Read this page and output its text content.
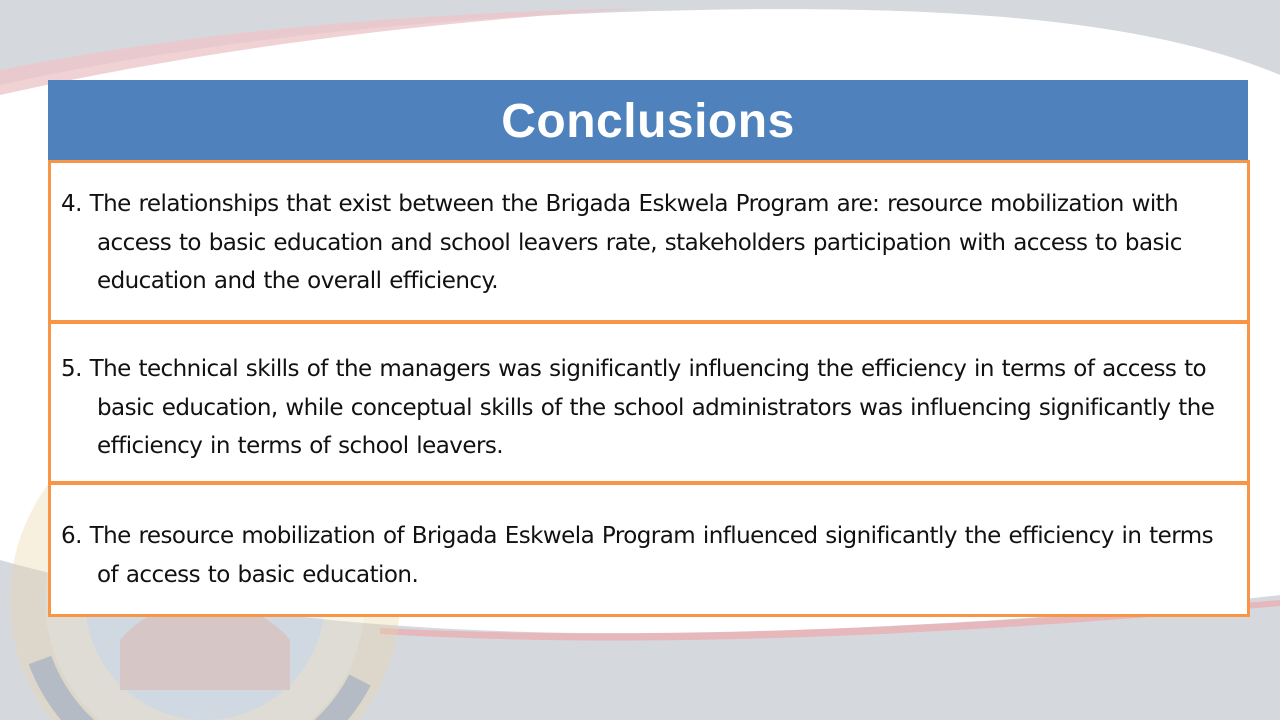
Conclusions

4. The relationships that exist between the Brigada Eskwela Program are: resource mobilization with access to basic education and school leavers rate, stakeholders participation with access to basic education and the overall efficiency.

5. The technical skills of the managers was significantly influencing the efficiency in terms of access to basic education, while conceptual skills of the school administrators was influencing significantly the efficiency in terms of school leavers.

6. The resource mobilization of Brigada Eskwela Program influenced significantly the efficiency in terms of access to basic education.
